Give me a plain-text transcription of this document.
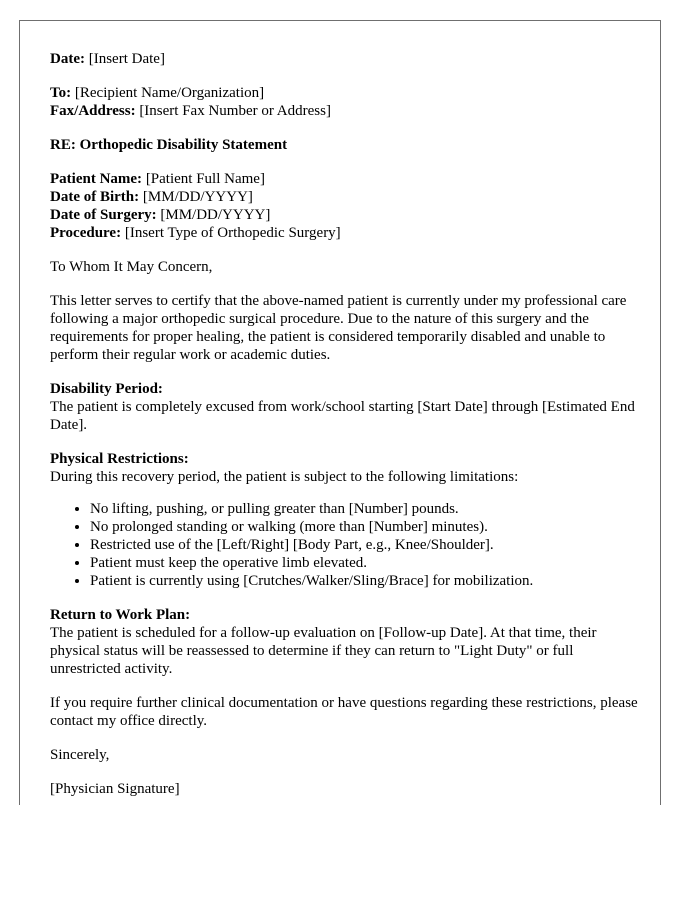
Date: [Insert Date]
To: [Recipient Name/Organization]
Fax/Address: [Insert Fax Number or Address]
RE: Orthopedic Disability Statement
Patient Name: [Patient Full Name]
Date of Birth: [MM/DD/YYYY]
Date of Surgery: [MM/DD/YYYY]
Procedure: [Insert Type of Orthopedic Surgery]

To Whom It May Concern,

This letter serves to certify that the above-named patient is currently under my professional care following a major orthopedic surgical procedure. Due to the nature of this surgery and the requirements for proper healing, the patient is considered temporarily disabled and unable to perform their regular work or academic duties.

Disability Period:
The patient is completely excused from work/school starting [Start Date] through [Estimated End Date].
Physical Restrictions:
During this recovery period, the patient is subject to the following limitations:
• No lifting, pushing, or pulling greater than [Number] pounds.
• No prolonged standing or walking (more than [Number] minutes).
• Restricted use of the [Left/Right] [Body Part, e.g., Knee/Shoulder].
• Patient must keep the operative limb elevated.
• Patient is currently using [Crutches/Walker/Sling/Brace] for mobilization.
Return to Work Plan:
The patient is scheduled for a follow-up evaluation on [Follow-up Date]. At that time, their physical status will be reassessed to determine if they can return to "Light Duty" or full unrestricted activity.

If you require further clinical documentation or have questions regarding these restrictions, please contact my office directly.

Sincerely,

[Physician Signature]
